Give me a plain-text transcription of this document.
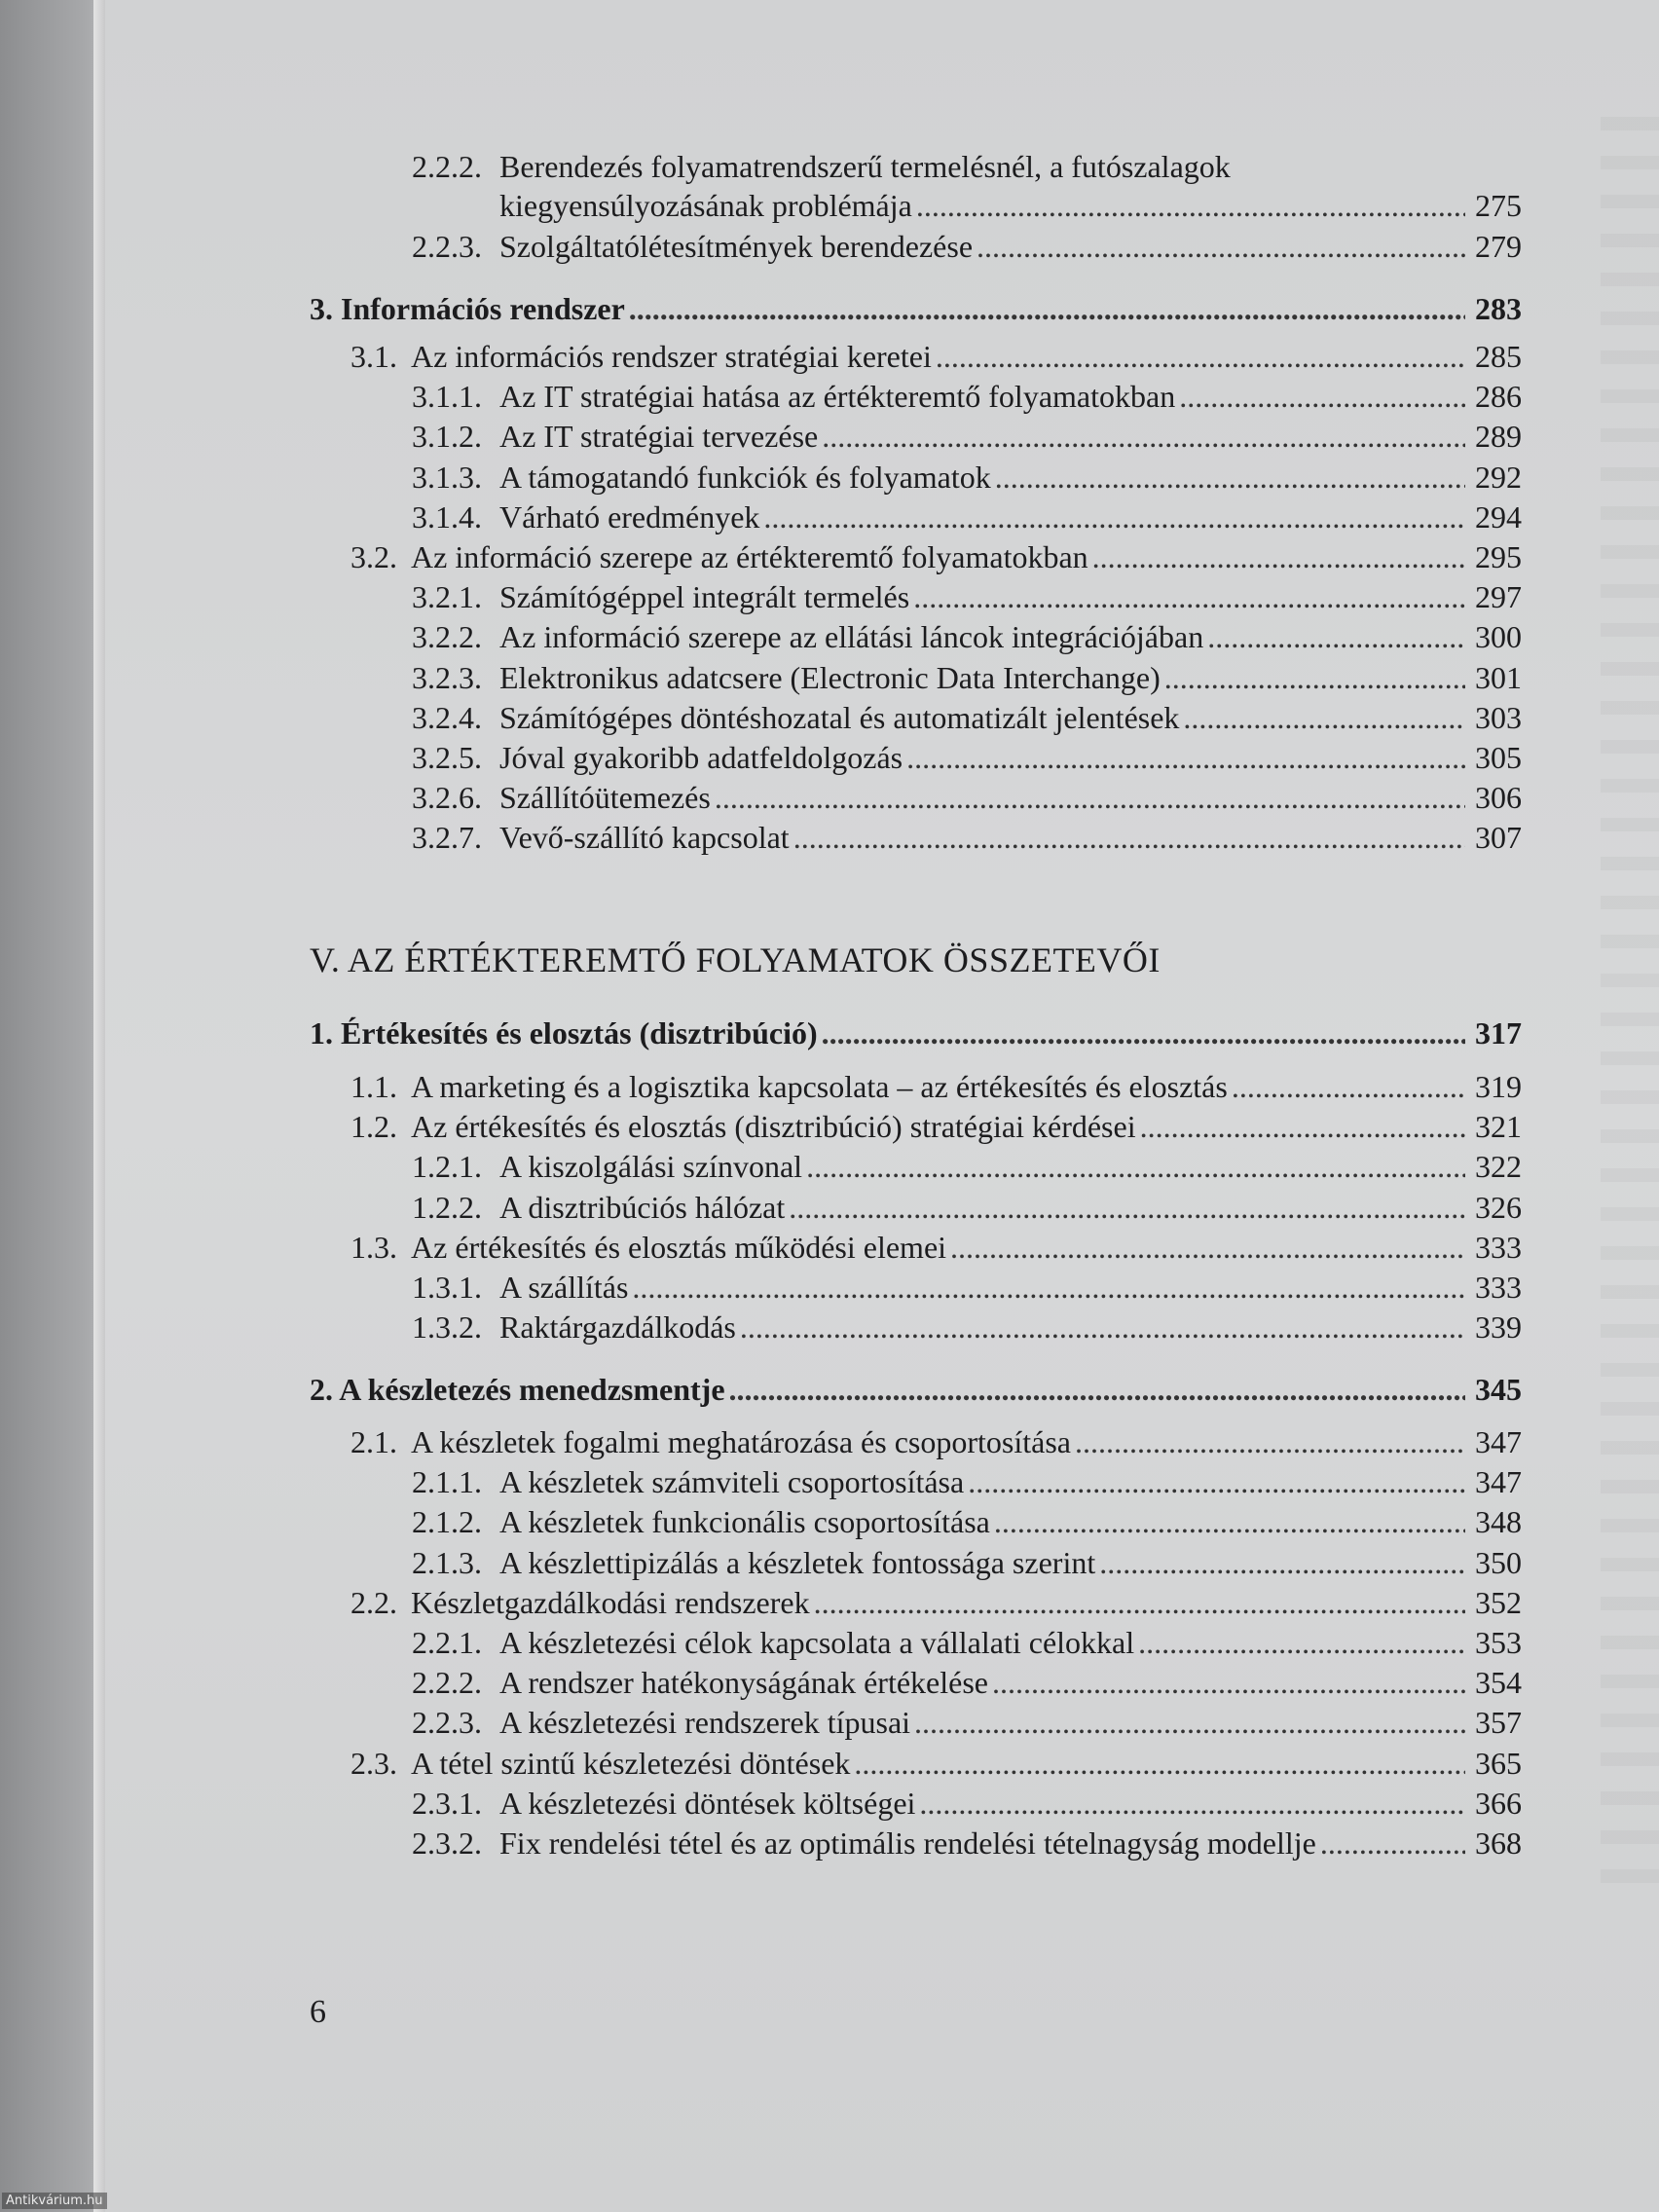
2.2.2. Berendezés folyamatrendszerű termelésnél, a futószalagok
kiegyensúlyozásának problémája . . .	275
2.2.3. Szolgáltatólétesítmények berendezése . . .	279
3. Információs rendszer . . .	283
3.1. Az információs rendszer stratégiai keretei . . .	285
3.1.1. Az IT stratégiai hatása az értékteremtő folyamatokban . . .	286
3.1.2. Az IT stratégiai tervezése . . .	289
3.1.3. A támogatandó funkciók és folyamatok . . .	292
3.1.4. Várható eredmények . . .	294
3.2. Az információ szerepe az értékteremtő folyamatokban . . .	295
3.2.1. Számítógéppel integrált termelés . . .	297
3.2.2. Az információ szerepe az ellátási láncok integrációjában . . .	300
3.2.3. Elektronikus adatcsere (Electronic Data Interchange) . . .	301
3.2.4. Számítógépes döntéshozatal és automatizált jelentések . . .	303
3.2.5. Jóval gyakoribb adatfeldolgozás . . .	305
3.2.6. Szállítóütemezés . . .	306
3.2.7. Vevő-szállító kapcsolat . . .	307
V. AZ ÉRTÉKTEREMTŐ FOLYAMATOK ÖSSZETEVŐI
1. Értékesítés és elosztás (disztribúció) . . .	317
1.1. A marketing és a logisztika kapcsolata – az értékesítés és elosztás . . .	319
1.2. Az értékesítés és elosztás (disztribúció) stratégiai kérdései . . .	321
1.2.1. A kiszolgálási színvonal . . .	322
1.2.2. A disztribúciós hálózat . . .	326
1.3. Az értékesítés és elosztás működési elemei . . .	333
1.3.1. A szállítás . . .	333
1.3.2. Raktárgazdálkodás . . .	339
2. A készletezés menedzsmentje . . .	345
2.1. A készletek fogalmi meghatározása és csoportosítása . . .	347
2.1.1. A készletek számviteli csoportosítása . . .	347
2.1.2. A készletek funkcionális csoportosítása . . .	348
2.1.3. A készlettipizálás a készletek fontossága szerint . . .	350
2.2. Készletgazdálkodási rendszerek . . .	352
2.2.1. A készletezési célok kapcsolata a vállalati célokkal . . .	353
2.2.2. A rendszer hatékonyságának értékelése . . .	354
2.2.3. A készletezési rendszerek típusai . . .	357
2.3. A tétel szintű készletezési döntések . . .	365
2.3.1. A készletezési döntések költségei . . .	366
2.3.2. Fix rendelési tétel és az optimális rendelési tételnagyság modellje . . .	368
6
Antikvárium.hu
